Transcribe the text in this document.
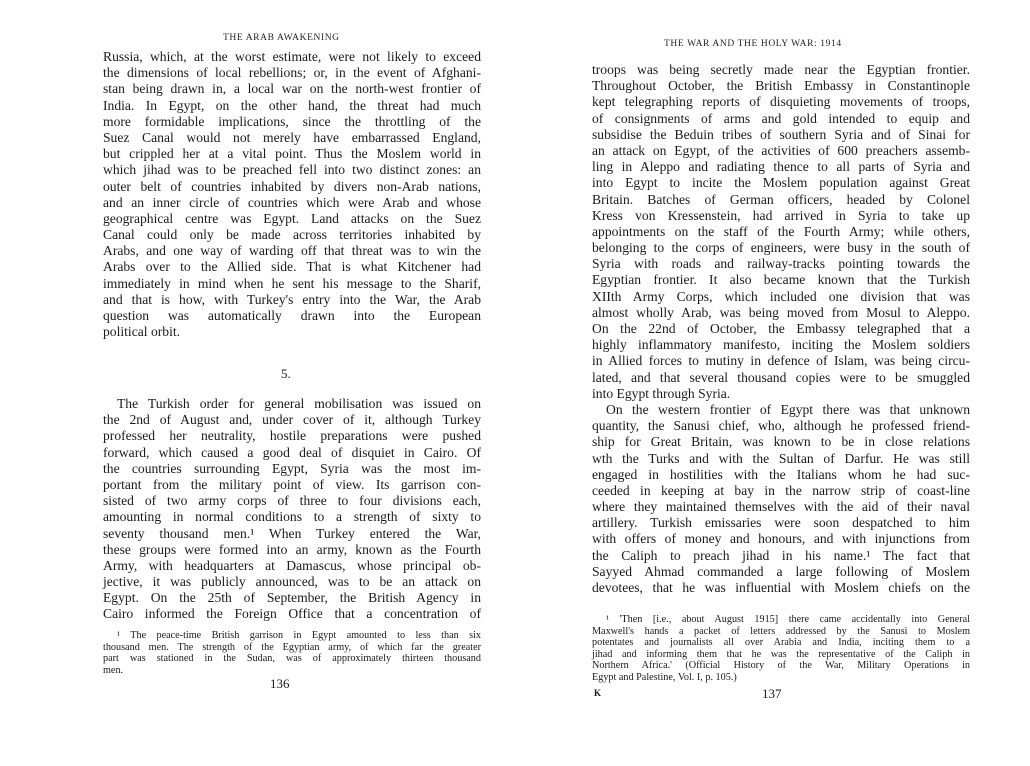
THE ARAB AWAKENING
Russia, which, at the worst estimate, were not likely to exceed
the dimensions of local rebellions; or, in the event of Afghani-
stan being drawn in, a local war on the north-west frontier of
India. In Egypt, on the other hand, the threat had much
more formidable implications, since the throttling of the
Suez Canal would not merely have embarrassed England,
but crippled her at a vital point. Thus the Moslem world in
which jihad was to be preached fell into two distinct zones: an
outer belt of countries inhabited by divers non-Arab nations,
and an inner circle of countries which were Arab and whose
geographical centre was Egypt. Land attacks on the Suez
Canal could only be made across territories inhabited by
Arabs, and one way of warding off that threat was to win the
Arabs over to the Allied side. That is what Kitchener had
immediately in mind when he sent his message to the Sharif,
and that is how, with Turkey's entry into the War, the Arab
question was automatically drawn into the European
political orbit.
5.
The Turkish order for general mobilisation was issued on
the 2nd of August and, under cover of it, although Turkey
professed her neutrality, hostile preparations were pushed
forward, which caused a good deal of disquiet in Cairo. Of
the countries surrounding Egypt, Syria was the most im-
portant from the military point of view. Its garrison con-
sisted of two army corps of three to four divisions each,
amounting in normal conditions to a strength of sixty to
seventy thousand men.¹ When Turkey entered the War,
these groups were formed into an army, known as the Fourth
Army, with headquarters at Damascus, whose principal ob-
jective, it was publicly announced, was to be an attack on
Egypt. On the 25th of September, the British Agency in
Cairo informed the Foreign Office that a concentration of
¹ The peace-time British garrison in Egypt amounted to less than six
thousand men. The strength of the Egyptian army, of which far the greater
part was stationed in the Sudan, was of approximately thirteen thousand
men.
136
THE WAR AND THE HOLY WAR: 1914
troops was being secretly made near the Egyptian frontier.
Throughout October, the British Embassy in Constantinople
kept telegraphing reports of disquieting movements of troops,
of consignments of arms and gold intended to equip and
subsidise the Beduin tribes of southern Syria and of Sinai for
an attack on Egypt, of the activities of 600 preachers assemb-
ling in Aleppo and radiating thence to all parts of Syria and
into Egypt to incite the Moslem population against Great
Britain. Batches of German officers, headed by Colonel
Kress von Kressenstein, had arrived in Syria to take up
appointments on the staff of the Fourth Army; while others,
belonging to the corps of engineers, were busy in the south of
Syria with roads and railway-tracks pointing towards the
Egyptian frontier. It also became known that the Turkish
XIIth Army Corps, which included one division that was
almost wholly Arab, was being moved from Mosul to Aleppo.
On the 22nd of October, the Embassy telegraphed that a
highly inflammatory manifesto, inciting the Moslem soldiers
in Allied forces to mutiny in defence of Islam, was being circu-
lated, and that several thousand copies were to be smuggled
into Egypt through Syria.
On the western frontier of Egypt there was that unknown
quantity, the Sanusi chief, who, although he professed friend-
ship for Great Britain, was known to be in close relations
wth the Turks and with the Sultan of Darfur. He was still
engaged in hostilities with the Italians whom he had suc-
ceeded in keeping at bay in the narrow strip of coast-line
where they maintained themselves with the aid of their naval
artillery. Turkish emissaries were soon despatched to him
with offers of money and honours, and with injunctions from
the Caliph to preach jihad in his name.¹ The fact that
Sayyed Ahmad commanded a large following of Moslem
devotees, that he was influential with Moslem chiefs on the
¹ 'Then [i.e., about August 1915] there came accidentally into General
Maxwell's hands a packet of letters addressed by the Sanusi to Moslem
potentates and journalists all over Arabia and India, inciting them to a
jihad and informing them that he was the representative of the Caliph in
Northern Africa.' (Official History of the War, Military Operations in
Egypt and Palestine, Vol. I, p. 105.)
K	137
